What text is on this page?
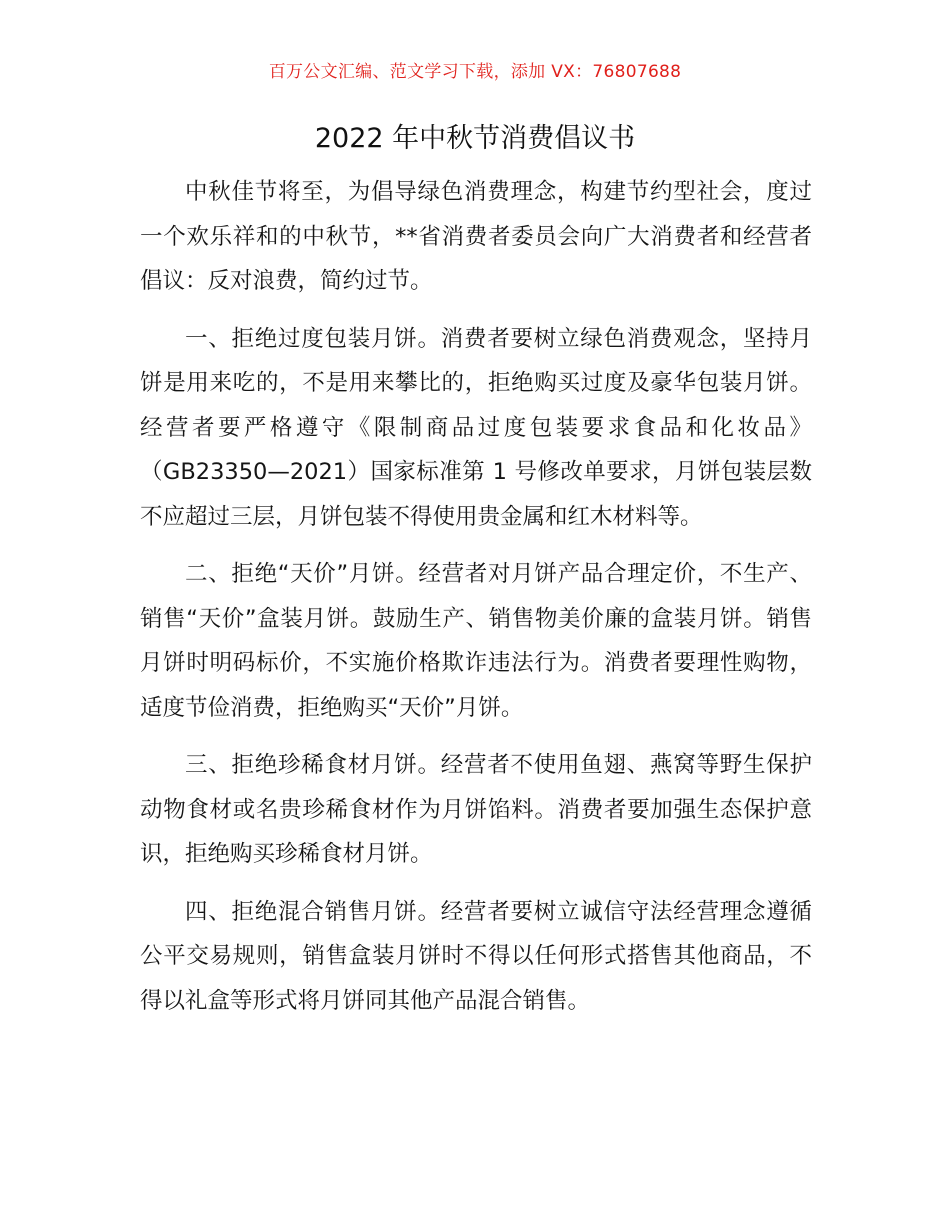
百万公文汇编、范文学习下载，添加 VX：76807688
2022 年中秋节消费倡议书

中秋佳节将至，为倡导绿色消费理念，构建节约型社会，度过一个欢乐祥和的中秋节，**省消费者委员会向广大消费者和经营者倡议：反对浪费，简约过节。

一、拒绝过度包装月饼。消费者要树立绿色消费观念，坚持月饼是用来吃的，不是用来攀比的，拒绝购买过度及豪华包装月饼。经营者要严格遵守《限制商品过度包装要求食品和化妆品》（GB23350—2021）国家标准第 1 号修改单要求，月饼包装层数不应超过三层，月饼包装不得使用贵金属和红木材料等。

二、拒绝“天价”月饼。经营者对月饼产品合理定价，不生产、销售“天价”盒装月饼。鼓励生产、销售物美价廉的盒装月饼。销售月饼时明码标价，不实施价格欺诈违法行为。消费者要理性购物，适度节俭消费，拒绝购买“天价”月饼。

三、拒绝珍稀食材月饼。经营者不使用鱼翅、燕窝等野生保护动物食材或名贵珍稀食材作为月饼馅料。消费者要加强生态保护意识，拒绝购买珍稀食材月饼。

四、拒绝混合销售月饼。经营者要树立诚信守法经营理念遵循公平交易规则，销售盒装月饼时不得以任何形式搭售其他商品，不得以礼盒等形式将月饼同其他产品混合销售。
